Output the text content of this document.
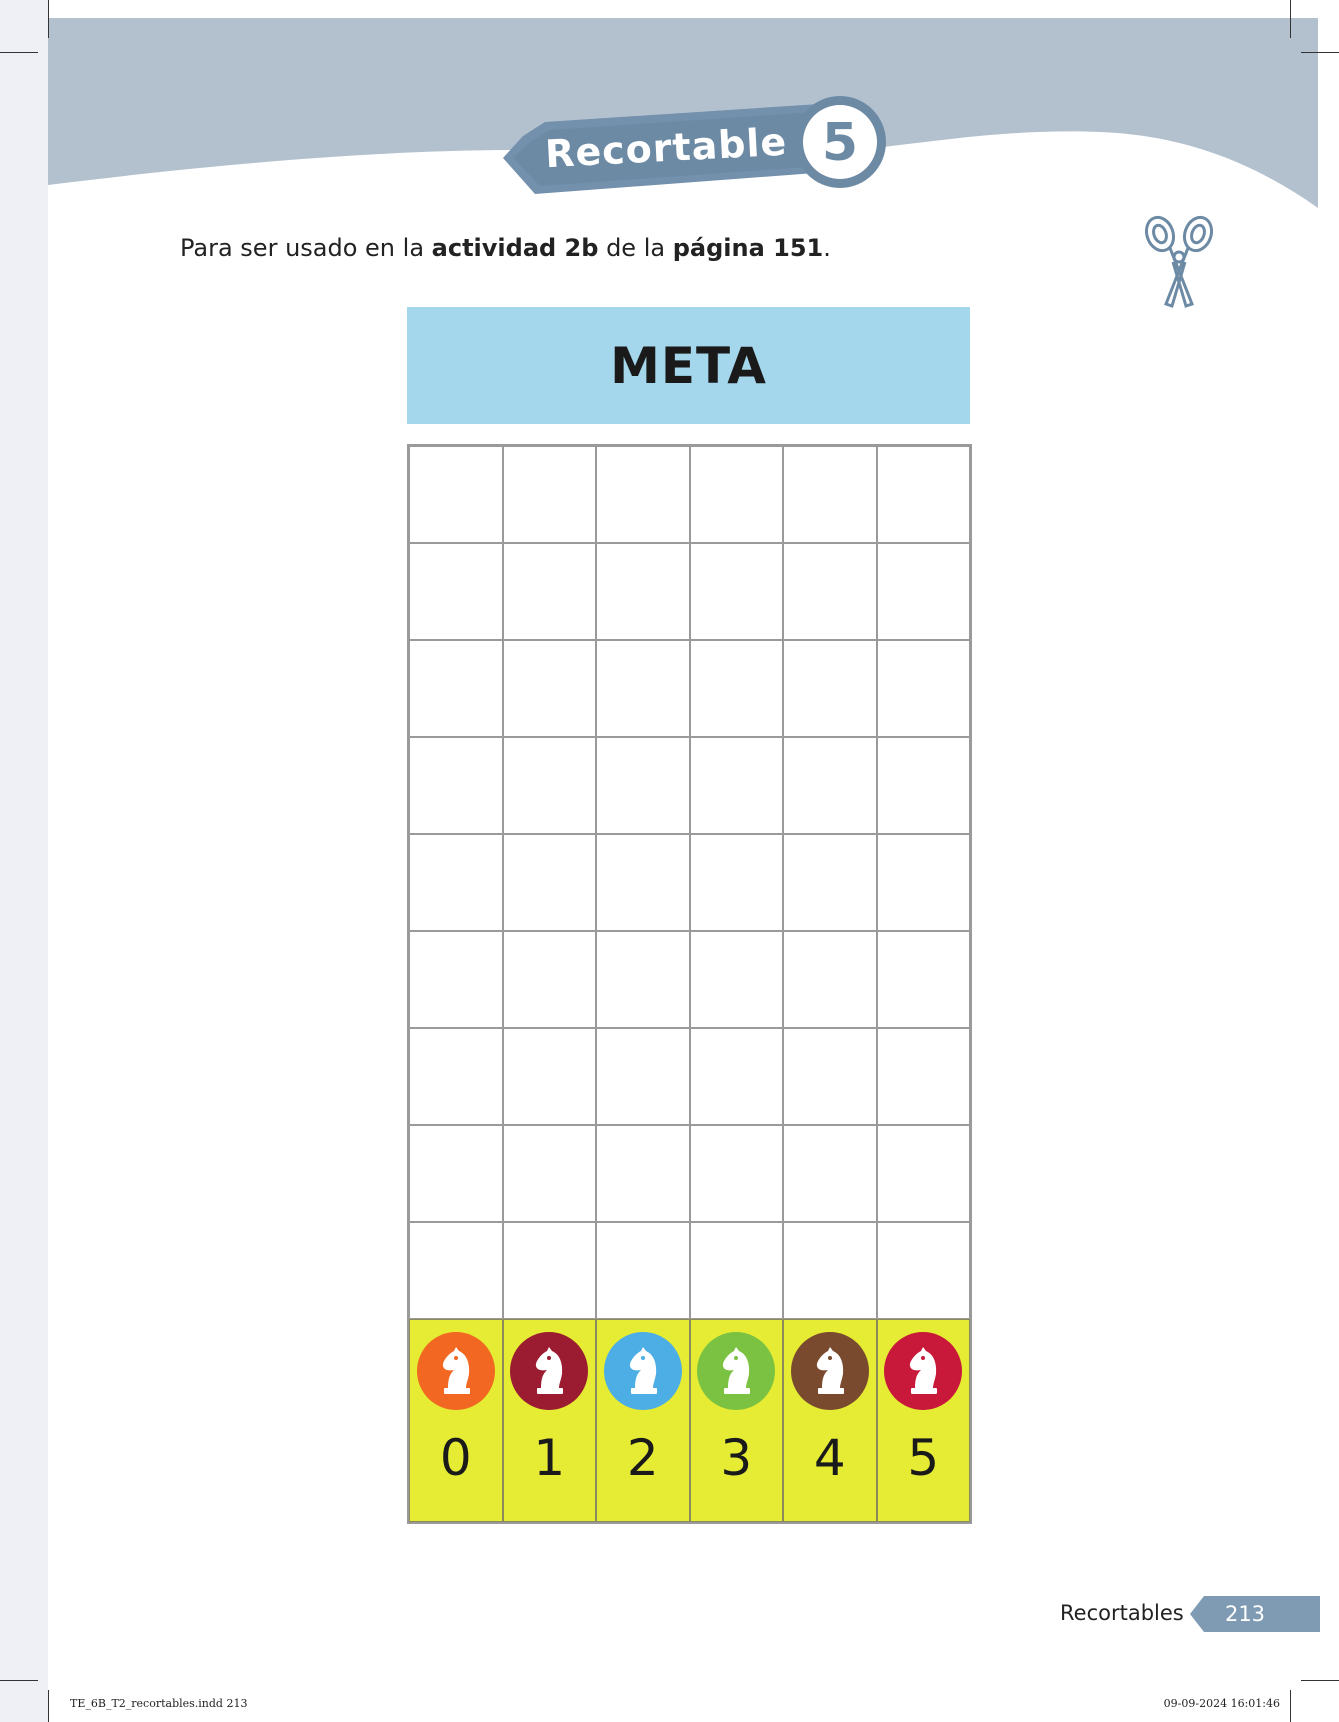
Recortable 5
Para ser usado en la actividad 2b de la página 151.
META
0 1 2 3 4 5
Recortables	213
TE_6B_T2_recortables.indd 213	09-09-2024 16:01:46
